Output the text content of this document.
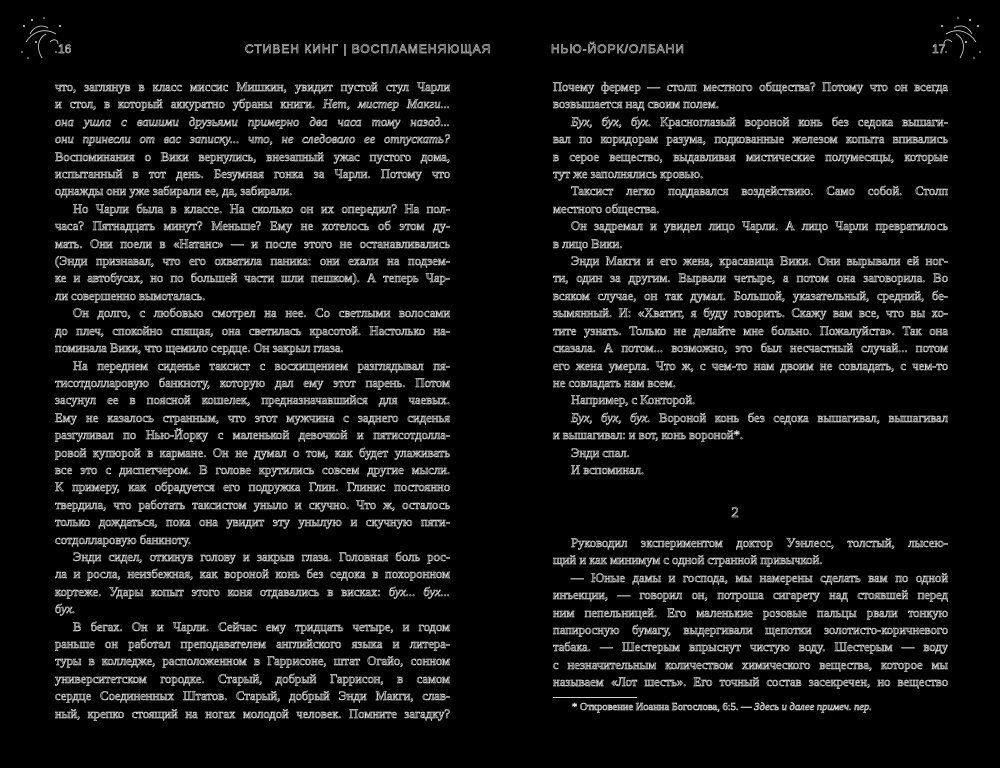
16	СТИВЕН КИНГ | ВОСПЛАМЕНЯЮЩАЯ
что, заглянув в класс миссис Мишкин, увидит пустой стул Чарли
и стол, в который аккуратно убраны книги. Нет, мистер Макги...
она ушла с вашими друзьями примерно два часа тому назад...
они принесли от вас записку... что, не следовало ее отпускать?
Воспоминания о Вики вернулись, внезапный ужас пустого дома,
испытанный в тот день. Безумная гонка за Чарли. Потому что
однажды они уже забирали ее, да, забирали.
Но Чарли была в классе. На сколько он их опередил? На пол-
часа? Пятнадцать минут? Меньше? Ему не хотелось об этом ду-
мать. Они поели в «Натанс» — и после этого не останавливались
(Энди признавал, что его охватила паника: они ехали на подзем-
ке и автобусах, но по большей части шли пешком). А теперь Чар-
ли совершенно вымоталась.
Он долго, с любовью смотрел на нее. Со светлыми волосами
до плеч, спокойно спящая, она светилась красотой. Настолько на-
поминала Вики, что щемило сердце. Он закрыл глаза.
На переднем сиденье таксист с восхищением разглядывал пя-
тисотдолларовую банкноту, которую дал ему этот парень. Потом
засунул ее в поясной кошелек, предназначавшийся для чаевых.
Ему не казалось странным, что этот мужчина с заднего сиденья
разгуливал по Нью-Йорку с маленькой девочкой и пятисотдолла-
ровой купюрой в кармане. Он не думал о том, как будет улаживать
все это с диспетчером. В голове крутились совсем другие мысли.
К примеру, как обрадуется его подружка Глин. Глинис постоянно
твердила, что работать таксистом уныло и скучно. Что ж, осталось
только дождаться, пока она увидит эту унылую и скучную пяти-
сотдолларовую банкноту.
Энди сидел, откинув голову и закрыв глаза. Головная боль рос-
ла и росла, неизбежная, как вороной конь без седока в похоронном
кортеже. Удары копыт этого коня отдавались в висках: бух... бух...
бух.
В бегах. Он и Чарли. Сейчас ему тридцать четыре, и годом
раньше он работал преподавателем английского языка и литера-
туры в колледже, расположенном в Гаррисоне, штат Огайо, сонном
университетском городке. Старый, добрый Гаррисон, в самом
сердце Соединенных Штатов. Старый, добрый Энди Макги, слав-
ный, крепко стоящий на ногах молодой человек. Помните загадку?
НЬЮ-ЙОРК/ОЛБАНИ	17
Почему фермер — столп местного общества? Потому что он всегда
возвышается над своим полем.
Бух, бух, бух. Красноглазый вороной конь без седока вышаги-
вал по коридорам разума, подкованные железом копыта впивались
в серое вещество, выдавливая мистические полумесяцы, которые
тут же заполнялись кровью.
Таксист легко поддавался воздействию. Само собой. Столп
местного общества.
Он задремал и увидел лицо Чарли. А лицо Чарли превратилось
в лицо Вики.
Энди Макги и его жена, красавица Вики. Они вырывали ей ног-
ти, один за другим. Вырвали четыре, а потом она заговорила. Во
всяком случае, он так думал. Большой, указательный, средний, бе-
зымянный. И: «Хватит, я буду говорить. Скажу вам все, что вы хо-
тите узнать. Только не делайте мне больно. Пожалуйста». Так она
сказала. А потом... возможно, это был несчастный случай... потом
его жена умерла. Что ж, с чем-то нам двоим не совладать, с чем-то
не совладать нам всем.
Например, с Конторой.
Бух, бух, бух. Вороной конь без седока вышагивал, вышагивал
и вышагивал: и вот, конь вороной*.
Энди спал.
И вспоминал.
2
Руководил экспериментом доктор Уэнлесс, толстый, лысею-
щий и как минимум с одной странной привычкой.
— Юные дамы и господа, мы намерены сделать вам по одной
инъекции, — говорил он, потроша сигарету над стоявшей перед
ним пепельницей. Его маленькие розовые пальцы рвали тонкую
папиросную бумагу, выдергивали щепотки золотисто-коричневого
табака. — Шестерым впрыснут чистую воду. Шестерым — воду
с незначительным количеством химического вещества, которое мы
называем «Лот шесть». Его точный состав засекречен, но вещество
* Откровение Иоанна Богослова, 6:5. — Здесь и далее примеч. пер.
